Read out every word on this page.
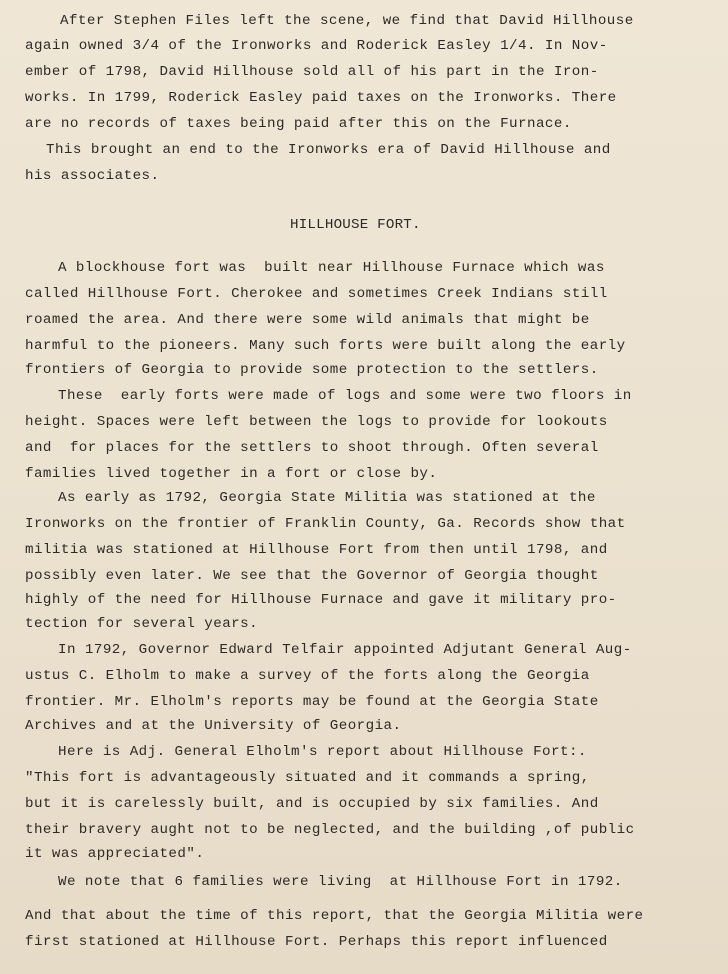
After Stephen Files left the scene, we find that David Hillhouse
again owned 3/4 of the Ironworks and Roderick Easley 1/4. In Nov-
ember of 1798, David Hillhouse sold all of his part in the Iron-
works. In 1799, Roderick Easley paid taxes on the Ironworks. There
are no records of taxes being paid after this on the Furnace.
This brought an end to the Ironworks era of David Hillhouse and
his associates.
HILLHOUSE FORT.
A blockhouse fort was  built near Hillhouse Furnace which was
called Hillhouse Fort. Cherokee and sometimes Creek Indians still
roamed the area. And there were some wild animals that might be
harmful to the pioneers. Many such forts were built along the early
frontiers of Georgia to provide some protection to the settlers.
These  early forts were made of logs and some were two floors in
height. Spaces were left between the logs to provide for lookouts
and  for places for the settlers to shoot through. Often several
families lived together in a fort or close by.
As early as 1792, Georgia State Militia was stationed at the
Ironworks on the frontier of Franklin County, Ga. Records show that
militia was stationed at Hillhouse Fort from then until 1798, and
possibly even later. We see that the Governor of Georgia thought
highly of the need for Hillhouse Furnace and gave it military pro-
tection for several years.
In 1792, Governor Edward Telfair appointed Adjutant General Aug-
ustus C. Elholm to make a survey of the forts along the Georgia
frontier. Mr. Elholm's reports may be found at the Georgia State
Archives and at the University of Georgia.
Here is Adj. General Elholm's report about Hillhouse Fort:.
"This fort is advantageously situated and it commands a spring,
but it is carelessly built, and is occupied by six families. And
their bravery aught not to be neglected, and the building ,of public
it was appreciated".
We note that 6 families were living  at Hillhouse Fort in 1792.
And that about the time of this report, that the Georgia Militia were
first stationed at Hillhouse Fort. Perhaps this report influenced
